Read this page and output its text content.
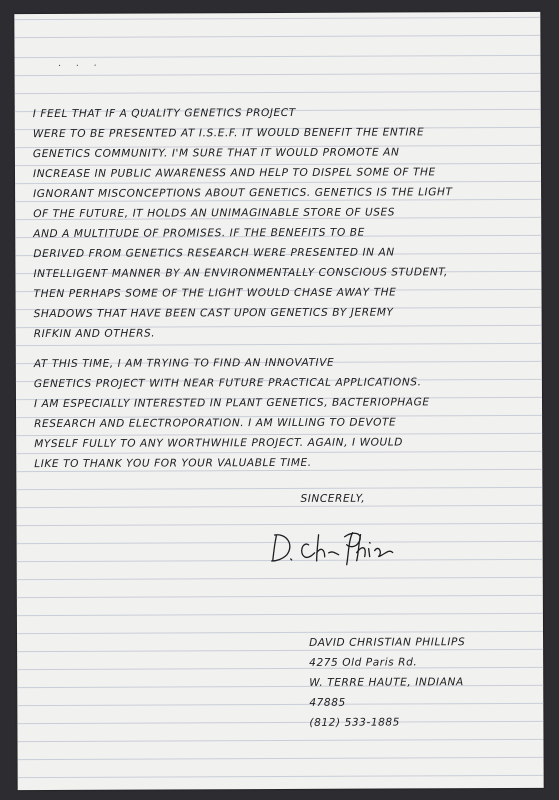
. . .
I FEEL THAT IF A QUALITY GENETICS PROJECT
WERE TO BE PRESENTED AT I.S.E.F. IT WOULD BENEFIT THE ENTIRE
GENETICS COMMUNITY. I'M SURE THAT IT WOULD PROMOTE AN
INCREASE IN PUBLIC AWARENESS AND HELP TO DISPEL SOME OF THE
IGNORANT MISCONCEPTIONS ABOUT GENETICS. GENETICS IS THE LIGHT
OF THE FUTURE, IT HOLDS AN UNIMAGINABLE STORE OF USES
AND A MULTITUDE OF PROMISES. IF THE BENEFITS TO BE
DERIVED FROM GENETICS RESEARCH WERE PRESENTED IN AN
INTELLIGENT MANNER BY AN ENVIRONMENTALLY CONSCIOUS STUDENT,
THEN PERHAPS SOME OF THE LIGHT WOULD CHASE AWAY THE
SHADOWS THAT HAVE BEEN CAST UPON GENETICS BY JEREMY
RIFKIN AND OTHERS.
AT THIS TIME, I AM TRYING TO FIND AN INNOVATIVE
GENETICS PROJECT WITH NEAR FUTURE PRACTICAL APPLICATIONS.
I AM ESPECIALLY INTERESTED IN PLANT GENETICS, BACTERIOPHAGE
RESEARCH AND ELECTROPORATION. I AM WILLING TO DEVOTE
MYSELF FULLY TO ANY WORTHWHILE PROJECT. AGAIN, I WOULD
LIKE TO THANK YOU FOR YOUR VALUABLE TIME.
SINCERELY,
DAVID CHRISTIAN PHILLIPS
4275 Old Paris Rd.
W. TERRE HAUTE, INDIANA
47885
(812) 533-1885
